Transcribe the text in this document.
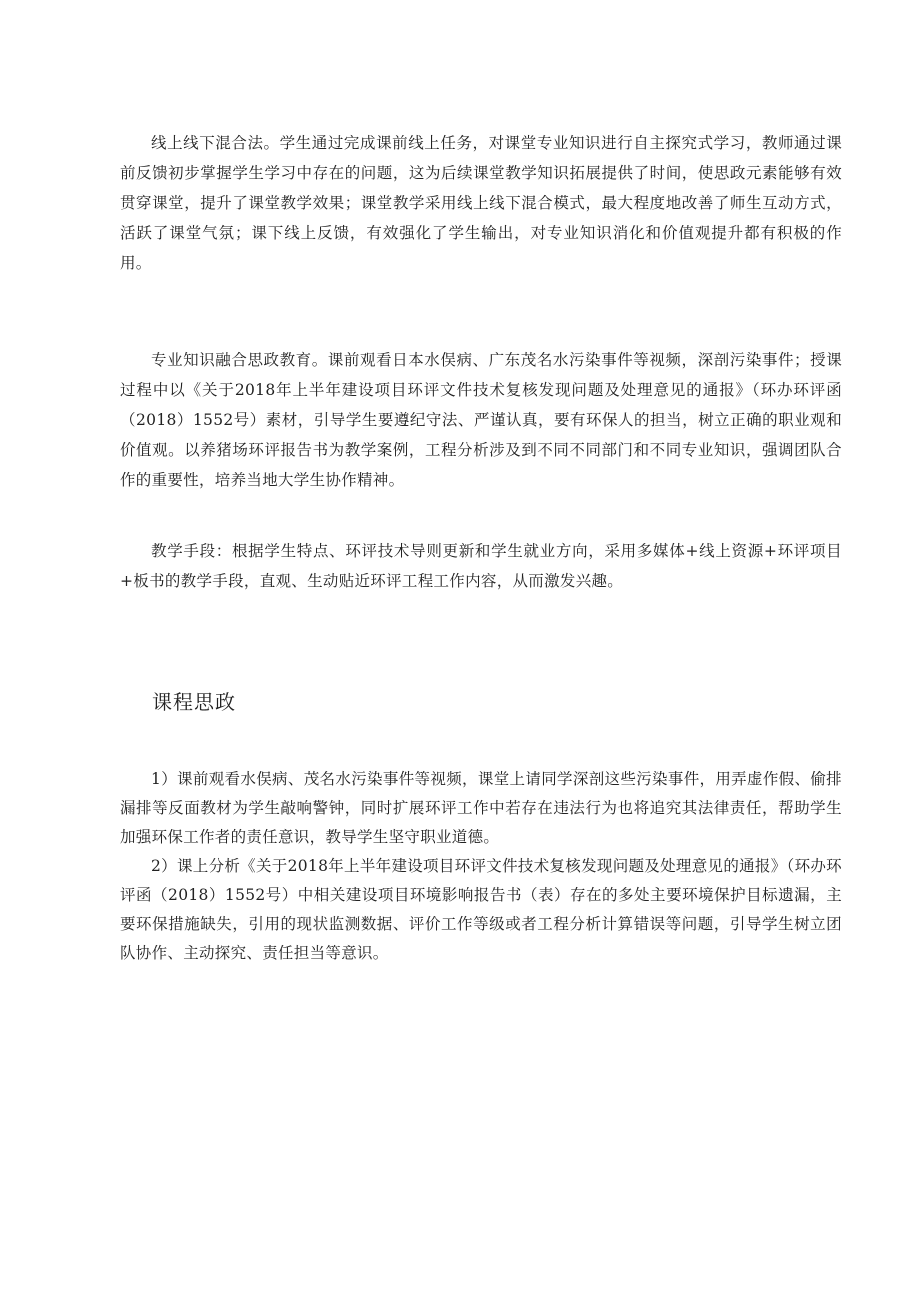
线上线下混合法。学生通过完成课前线上任务，对课堂专业知识进行自主探究式学习，教师通过课前反馈初步掌握学生学习中存在的问题，这为后续课堂教学知识拓展提供了时间，使思政元素能够有效贯穿课堂，提升了课堂教学效果；课堂教学采用线上线下混合模式，最大程度地改善了师生互动方式，活跃了课堂气氛；课下线上反馈，有效强化了学生输出，对专业知识消化和价值观提升都有积极的作用。

专业知识融合思政教育。课前观看日本水俣病、广东茂名水污染事件等视频，深剖污染事件；授课过程中以《关于2018年上半年建设项目环评文件技术复核发现问题及处理意见的通报》（环办环评函（2018）1552号）素材，引导学生要遵纪守法、严谨认真，要有环保人的担当，树立正确的职业观和价值观。以养猪场环评报告书为教学案例，工程分析涉及到不同不同部门和不同专业知识，强调团队合作的重要性，培养当地大学生协作精神。

教学手段：根据学生特点、环评技术导则更新和学生就业方向，采用多媒体+线上资源+环评项目+板书的教学手段，直观、生动贴近环评工程工作内容，从而激发兴趣。

课程思政
1）课前观看水俣病、茂名水污染事件等视频，课堂上请同学深剖这些污染事件，用弄虚作假、偷排漏排等反面教材为学生敲响警钟，同时扩展环评工作中若存在违法行为也将追究其法律责任，帮助学生加强环保工作者的责任意识，教导学生坚守职业道德。
2）课上分析《关于2018年上半年建设项目环评文件技术复核发现问题及处理意见的通报》（环办环评函（2018）1552号）中相关建设项目环境影响报告书（表）存在的多处主要环境保护目标遗漏，主要环保措施缺失，引用的现状监测数据、评价工作等级或者工程分析计算错误等问题，引导学生树立团队协作、主动探究、责任担当等意识。
